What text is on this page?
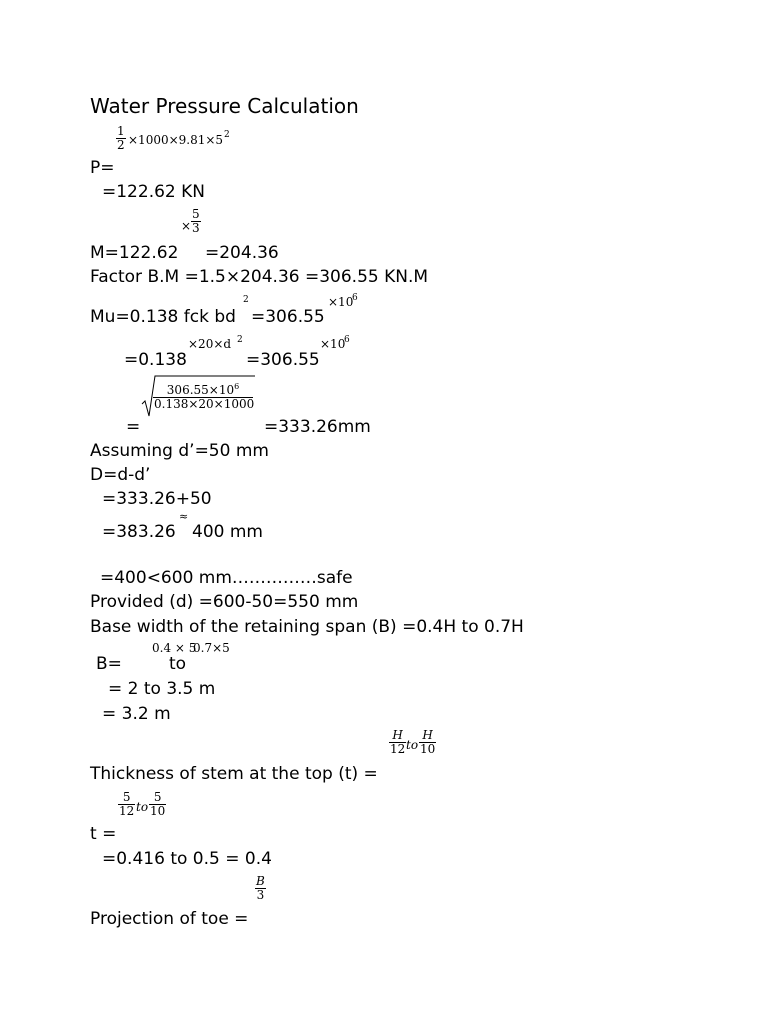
Water Pressure Calculation
$\frac{1}{2} \times 1000\times 9.81\times 5$ 2
P=
=122.62 KN
× $\frac{5}{3}$
M=122.62 =204.36
Factor B.M =1.5×204.36 =306.55 KN.M
2	×10
6
Mu=0.138 fck bd =306.55
×20×d 2	×10
6
=0.138	=306.55
$\frac{306.55\times 10^6}{0.138\times 20\times 1000}$
=	=333.26mm
Assuming d’=50 mm
D=d-d’
=333.26+50
≈
=383.26 400 mm
=400<600 mm……………safe
Provided (d) =600-50=550 mm
Base width of the retaining span (B) =0.4H to 0.7H
0.4 × 5
0.7×5
B=	to
= 2 to 3.5 m
= 3.2 m
$\frac{H}{12}$ to $\frac{H}{10}$
Thickness of stem at the top (t) =
$\frac{5}{12}$ to $\frac{5}{10}$
t =
=0.416 to 0.5 = 0.4
$\frac{B}{3}$
Projection of toe =
